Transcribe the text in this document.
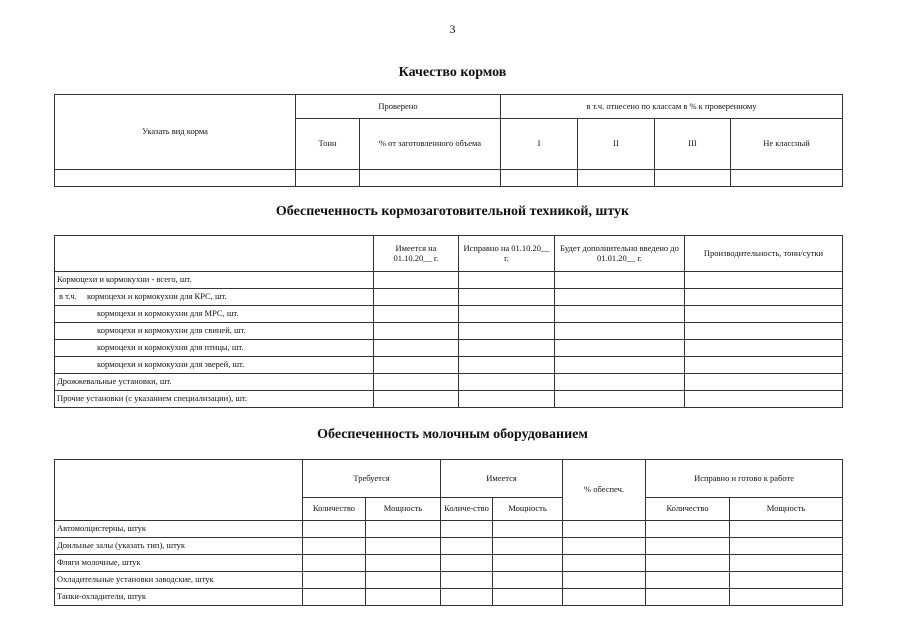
3
Качество кормов
Указать вид корма	Проверено		в т.ч. отнесено по классам в % к проверенному			
	Тонн	% от заготовленного объема	I	II	III	Не классный

Обеспеченность кормозаготовительной техникой, штук
	Имеется на 01.10.20__ г.	Исправно на 01.10.20__ г.	Будет дополнительно введено до 01.01.20__ г.	Производительность, тонн/сутки
Кормоцехи и кормокухни - всего, шт.				
в т.ч. кормоцехи и кормокухни для КРС, шт.				
кормоцехи и кормокухни для МРС, шт.				
кормоцехи и кормокухни для свиней, шт.				
кормоцехи и кормокухни для птицы, шт.				
кормоцехи и кормокухни для зверей, шт.				
Дрожжевальные установки, шт.				
Прочие установки (с указанием специализации), шт.				
Обеспеченность молочным оборудованием
	Требуется		Имеется		% обеспеч.	Исправно и готово к работе	
	Количество	Мощность	Количе-ство	Мощность		Количество	Мощность
Автомолцистерны, штук							
Доильные залы (указать тип), штук							
Фляги молочные, штук							
Охладительные установки заводские, штук							
Танки-охладители, штук							
